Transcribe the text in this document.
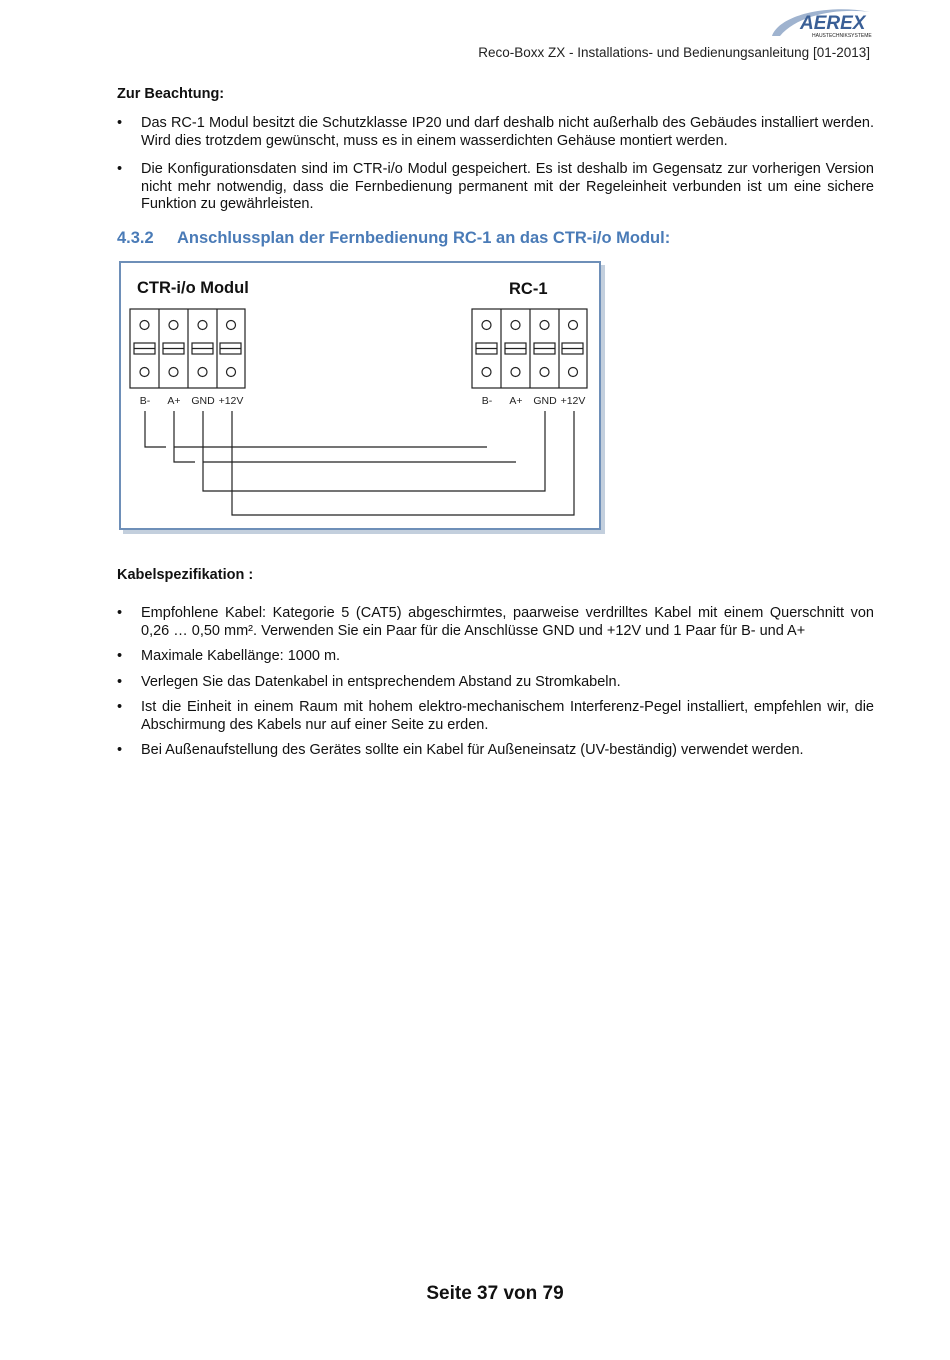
AEREX
HAUSTECHNIKSYSTEME
Reco-Boxx ZX - Installations- und Bedienungsanleitung [01-2013]
Zur Beachtung:
• Das RC-1 Modul besitzt die Schutzklasse IP20 und darf deshalb nicht außerhalb des Gebäudes installiert werden. Wird dies trotzdem gewünscht, muss es in einem wasserdichten Gehäuse montiert werden.
• Die Konfigurationsdaten sind im CTR-i/o Modul gespeichert. Es ist deshalb im Gegensatz zur vorherigen Version nicht mehr notwendig, dass die Fernbedienung permanent mit der Regeleinheit verbunden ist um eine sichere Funktion zu gewährleisten.
4.3.2 Anschlussplan der Fernbedienung RC-1 an das CTR-i/o Modul:
CTR-i/o Modul	RC-1
B- A+ GND +12V	B- A+ GND +12V
Kabelspezifikation :
• Empfohlene Kabel: Kategorie 5 (CAT5) abgeschirmtes, paarweise verdrilltes Kabel mit einem Querschnitt von 0,26 … 0,50 mm². Verwenden Sie ein Paar für die Anschlüsse GND und +12V und 1 Paar für B- und A+
• Maximale Kabellänge: 1000 m.
• Verlegen Sie das Datenkabel in entsprechendem Abstand zu Stromkabeln.
• Ist die Einheit in einem Raum mit hohem elektro-mechanischem Interferenz-Pegel installiert, empfehlen wir, die Abschirmung des Kabels nur auf einer Seite zu erden.
• Bei Außenaufstellung des Gerätes sollte ein Kabel für Außeneinsatz (UV-beständig) verwendet werden.
Seite 37 von 79
